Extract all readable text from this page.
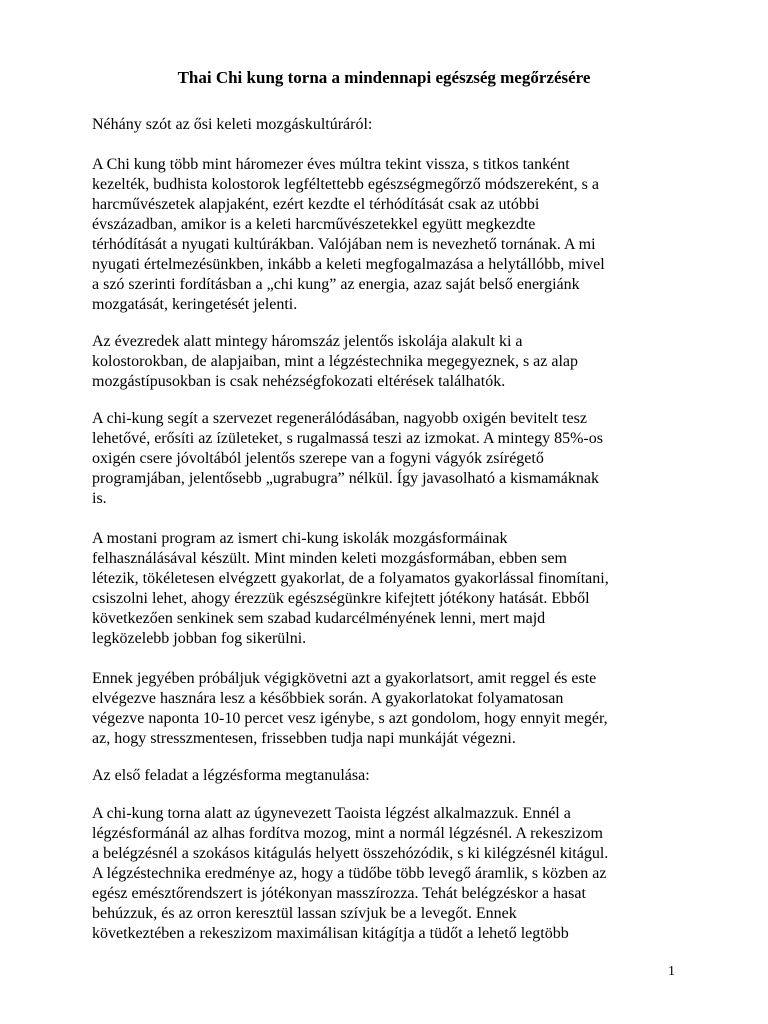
Thai Chi kung torna a mindennapi egészség megőrzésére

Néhány szót az ősi keleti mozgáskultúráról:

A Chi kung több mint háromezer éves múltra tekint vissza, s titkos tanként
kezelték, budhista kolostorok legféltettebb egészségmegőrző módszereként, s a
harcművészetek alapjaként, ezért kezdte el térhódítását csak az utóbbi
évszázadban, amikor is a keleti harcművészetekkel együtt megkezdte
térhódítását a nyugati kultúrákban. Valójában nem is nevezhető tornának. A mi
nyugati értelmezésünkben, inkább a keleti megfogalmazása a helytállóbb, mivel
a szó szerinti fordításban a „chi kung” az energia, azaz saját belső energiánk
mozgatását, keringetését jelenti.
Az évezredek alatt mintegy háromszáz jelentős iskolája alakult ki a
kolostorokban, de alapjaiban, mint a légzéstechnika megegyeznek, s az alap
mozgástípusokban is csak nehézségfokozati eltérések találhatók.
A chi-kung segít a szervezet regenerálódásában, nagyobb oxigén bevitelt tesz
lehetővé, erősíti az ízületeket, s rugalmassá teszi az izmokat. A mintegy 85%-os
oxigén csere jóvoltából jelentős szerepe van a fogyni vágyók zsírégető
programjában, jelentősebb „ugrabugra” nélkül. Így javasolható a kismamáknak
is.
A mostani program az ismert chi-kung iskolák mozgásformáinak
felhasználásával készült. Mint minden keleti mozgásformában, ebben sem
létezik, tökéletesen elvégzett gyakorlat, de a folyamatos gyakorlással finomítani,
csiszolni lehet, ahogy érezzük egészségünkre kifejtett jótékony hatását. Ebből
következően senkinek sem szabad kudarcélményének lenni, mert majd
legközelebb jobban fog sikerülni.
Ennek jegyében próbáljuk végigkövetni azt a gyakorlatsort, amit reggel és este
elvégezve hasznára lesz a későbbiek során. A gyakorlatokat folyamatosan
végezve naponta 10-10 percet vesz igénybe, s azt gondolom, hogy ennyit megér,
az, hogy stresszmentesen, frissebben tudja napi munkáját végezni.
Az első feladat a légzésforma megtanulása:
A chi-kung torna alatt az úgynevezett Taoista légzést alkalmazzuk. Ennél a
légzésformánál az alhas fordítva mozog, mint a normál légzésnél. A rekeszizom
a belégzésnél a szokásos kitágulás helyett összehózódik, s ki kilégzésnél kitágul.
A légzéstechnika eredménye az, hogy a tüdőbe több levegő áramlik, s közben az
egész emésztőrendszert is jótékonyan masszírozza. Tehát belégzéskor a hasat
behúzzuk, és az orron keresztül lassan szívjuk be a levegőt. Ennek
következtében a rekeszizom maximálisan kitágítja a tüdőt a lehető legtöbb

1
